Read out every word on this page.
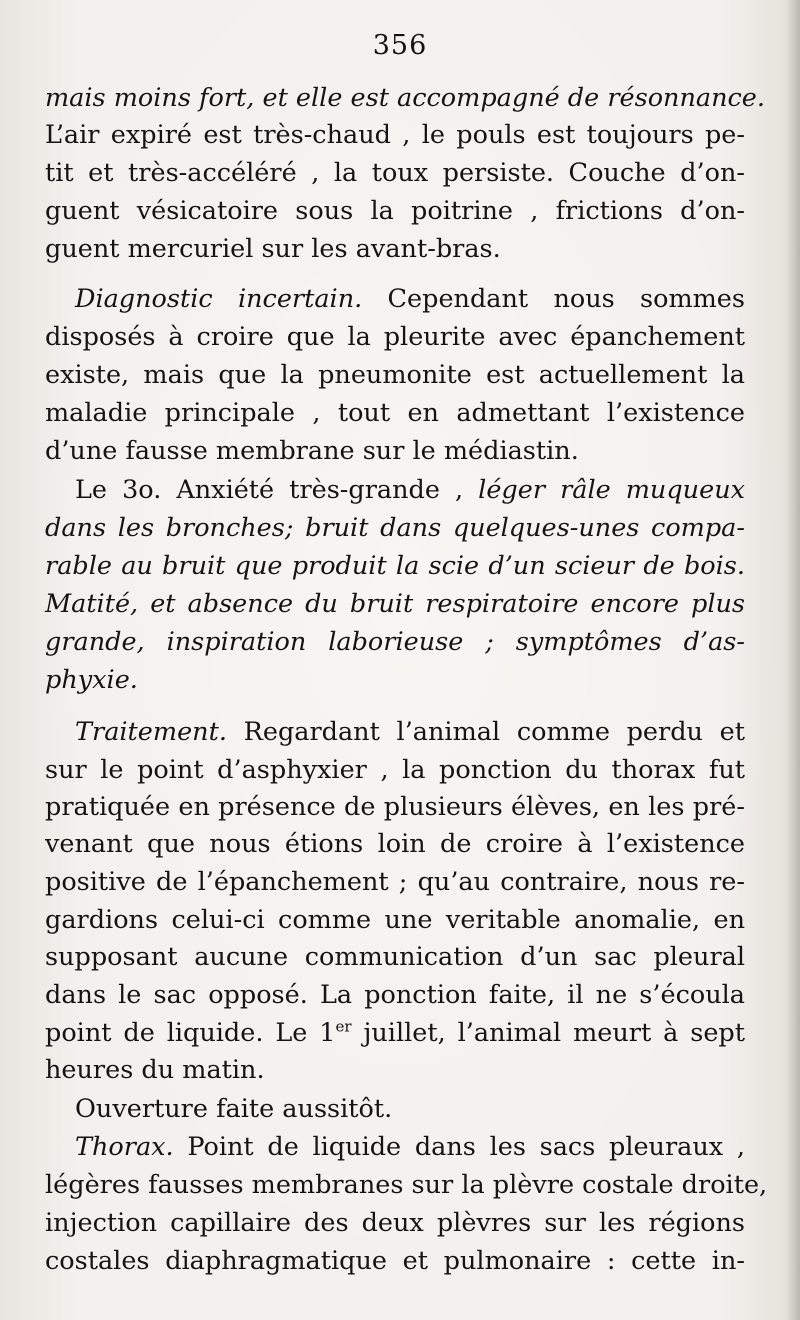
356
mais moins fort, et elle est accompagné de résonnance.
L’air expiré est très-chaud , le pouls est toujours pe-
tit et très-accéléré , la toux persiste. Couche d’on-
guent vésicatoire sous la poitrine , frictions d’on-
guent mercuriel sur les avant-bras.
Diagnostic incertain. Cependant nous sommes
disposés à croire que la pleurite avec épanchement
existe, mais que la pneumonite est actuellement la
maladie principale , tout en admettant l’existence
d’une fausse membrane sur le médiastin.
Le 3o. Anxiété très-grande , léger râle muqueux
dans les bronches; bruit dans quelques-unes compa-
rable au bruit que produit la scie d’un scieur de bois.
Matité, et absence du bruit respiratoire encore plus
grande, inspiration laborieuse ; symptômes d’as-
phyxie.
Traitement. Regardant l’animal comme perdu et
sur le point d’asphyxier , la ponction du thorax fut
pratiquée en présence de plusieurs élèves, en les pré-
venant que nous étions loin de croire à l’existence
positive de l’épanchement ; qu’au contraire, nous re-
gardions celui-ci comme une veritable anomalie, en
supposant aucune communication d’un sac pleural
dans le sac opposé. La ponction faite, il ne s’écoula
point de liquide. Le 1er juillet, l’animal meurt à sept
heures du matin.
Ouverture faite aussitôt.
Thorax. Point de liquide dans les sacs pleuraux ,
légères fausses membranes sur la plèvre costale droite,
injection capillaire des deux plèvres sur les régions
costales diaphragmatique et pulmonaire : cette in-
